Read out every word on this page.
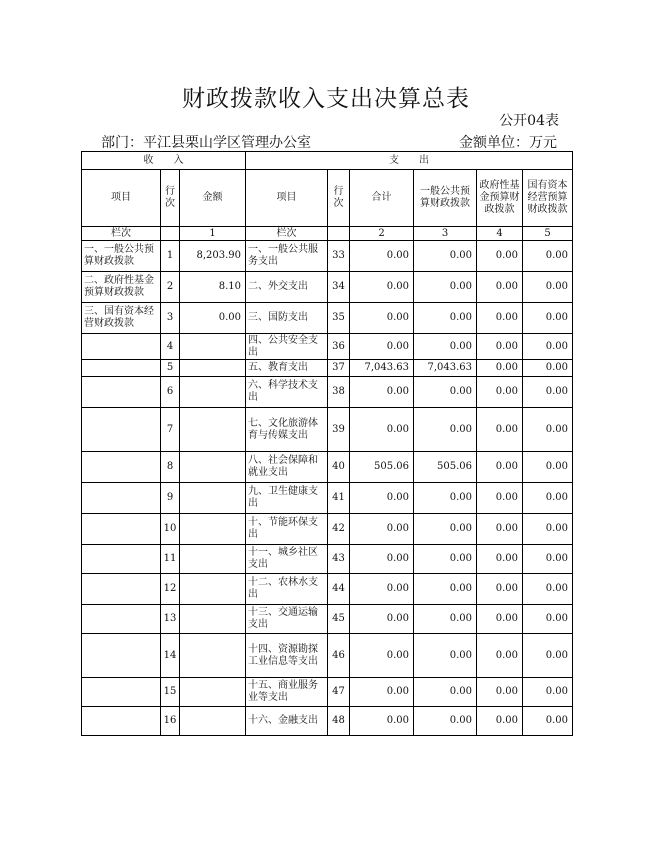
财政拨款收入支出决算总表
公开04表
部门：平江县栗山学区管理办公室	金额单位：万元
收　　入			支　　出					
项目	行次	金额	项目	行次	合计	一般公共预算财政拨款	政府性基金预算财政拨款	国有资本经营预算财政拨款
栏次		1	栏次		2	3	4	5
一、一般公共预算财政拨款	1	8,203.90	一、一般公共服务支出	33	0.00	0.00	0.00	0.00
二、政府性基金预算财政拨款	2	8.10	二、外交支出	34	0.00	0.00	0.00	0.00
三、国有资本经营财政拨款	3	0.00	三、国防支出	35	0.00	0.00	0.00	0.00
	4		四、公共安全支出	36	0.00	0.00	0.00	0.00
	5		五、教育支出	37	7,043.63	7,043.63	0.00	0.00
	6		六、科学技术支出	38	0.00	0.00	0.00	0.00
	7		七、文化旅游体育与传媒支出	39	0.00	0.00	0.00	0.00
	8		八、社会保障和就业支出	40	505.06	505.06	0.00	0.00
	9		九、卫生健康支出	41	0.00	0.00	0.00	0.00
	10		十、节能环保支出	42	0.00	0.00	0.00	0.00
	11		十一、城乡社区支出	43	0.00	0.00	0.00	0.00
	12		十二、农林水支出	44	0.00	0.00	0.00	0.00
	13		十三、交通运输支出	45	0.00	0.00	0.00	0.00
	14		十四、资源勘探工业信息等支出	46	0.00	0.00	0.00	0.00
	15		十五、商业服务业等支出	47	0.00	0.00	0.00	0.00
	16		十六、金融支出	48	0.00	0.00	0.00	0.00
